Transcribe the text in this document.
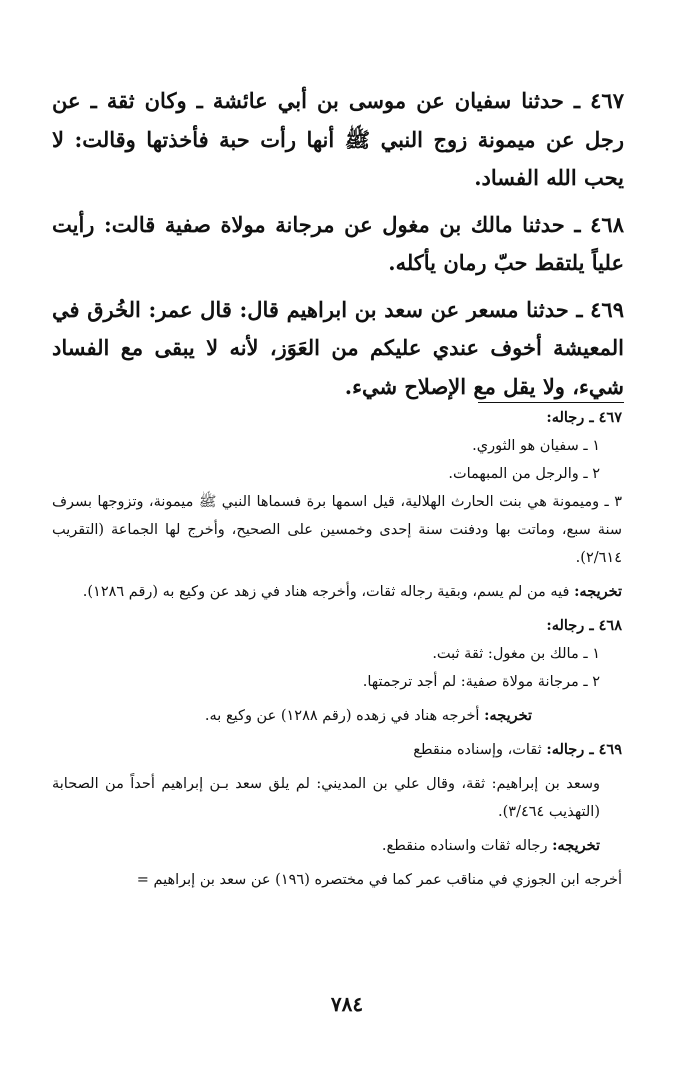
٤٦٧ ـ حدثنا سفيان عن موسى بن أبي عائشة ـ وكان ثقة ـ عن رجل عن ميمونة زوج النبي ﷺ أنها رأت حبة فأخذتها وقالت: لا يحب الله الفساد.

٤٦٨ ـ حدثنا مالك بن مغول عن مرجانة مولاة صفية قالت: رأيت علياً يلتقط حبّ رمان يأكله.

٤٦٩ ـ حدثنا مسعر عن سعد بن ابراهيم قال: قال عمر: الخُرق في المعيشة أخوف عندي عليكم من العَوَز، لأنه لا يبقى مع الفساد شيء، ولا يقل مع الإصلاح شيء.

٤٦٧ ـ رجاله:

١ ـ سفيان هو الثوري.

٢ ـ والرجل من المبهمات.

٣ ـ وميمونة هي بنت الحارث الهلالية، قيل اسمها برة فسماها النبي ﷺ ميمونة، وتزوجها بسرف سنة سبع، وماتت بها ودفنت سنة إحدى وخمسين على الصحيح، وأخرج لها الجماعة (التقريب ٢/٦١٤).

تخريجه: فيه من لم يسم، وبقية رجاله ثقات، وأخرجه هناد في زهد عن وكيع به (رقم ١٢٨٦).

٤٦٨ ـ رجاله:

١ ـ مالك بن مغول: ثقة ثبت.

٢ ـ مرجانة مولاة صفية: لم أجد ترجمتها.

تخريجه: أخرجه هناد في زهده (رقم ١٢٨٨) عن وكيع به.

٤٦٩ ـ رجاله: ثقات، وإسناده منقطع

وسعد بن إبراهيم: ثقة، وقال علي بن المديني: لم يلق سعد بـن إبراهيم أحداً من الصحابة (التهذيب ٣/٤٦٤).

تخريجه: رجاله ثقات واسناده منقطع.

أخرجه ابن الجوزي في مناقب عمر كما في مختصره (١٩٦) عن سعد بن إبراهيم =

٧٨٤
